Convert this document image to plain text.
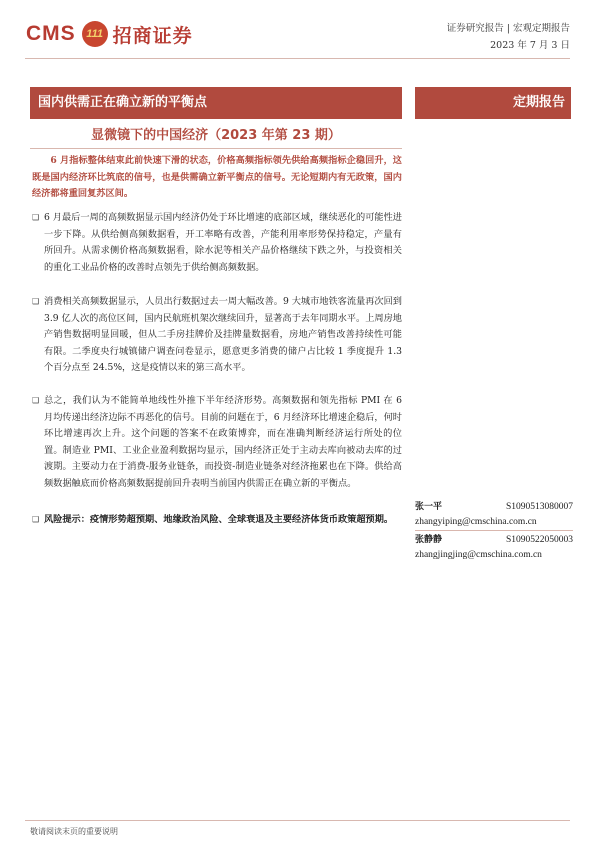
CMS 111 招商证券	证券研究报告 | 宏观定期报告
2023 年 7 月 3 日
国内供需正在确立新的平衡点	定期报告
显微镜下的中国经济（2023 年第 23 期）

6 月指标整体结束此前快速下滑的状态，价格高频指标领先供给高频指标企稳回升，这既是国内经济环比筑底的信号，也是供需确立新平衡点的信号。无论短期内有无政策，国内经济都将重回复苏区间。

❑ 6 月最后一周的高频数据显示国内经济仍处于环比增速的底部区域，继续恶化的可能性进一步下降。从供给侧高频数据看，开工率略有改善，产能利用率形势保持稳定，产量有所回升。从需求侧价格高频数据看，除水泥等相关产品价格继续下跌之外，与投资相关的重化工业品价格的改善时点领先于供给侧高频数据。

❑ 消费相关高频数据显示，人员出行数据过去一周大幅改善。9 大城市地铁客流量再次回到 3.9 亿人次的高位区间，国内民航班机架次继续回升，显著高于去年同期水平。上周房地产销售数据明显回暖，但从二手房挂牌价及挂牌量数据看，房地产销售改善持续性可能有限。二季度央行城镇储户调查问卷显示，愿意更多消费的储户占比较 1 季度提升 1.3 个百分点至 24.5%，这是疫情以来的第三高水平。

❑ 总之，我们认为不能简单地线性外推下半年经济形势。高频数据和领先指标 PMI 在 6 月均传递出经济边际不再恶化的信号。目前的问题在于，6 月经济环比增速企稳后，何时环比增速再次上升。这个问题的答案不在政策博弈，而在准确判断经济运行所处的位置。制造业 PMI、工业企业盈利数据均显示，国内经济正处于主动去库向被动去库的过渡期。主要动力在于消费-服务业链条，而投资-制造业链条对经济拖累也在下降。供给高频数据触底而价格高频数据提前回升表明当前国内供需正在确立新的平衡点。

❑ 风险提示：疫情形势超预期、地缘政治风险、全球衰退及主要经济体货币政策超预期。

张一平	S1090513080007
zhangyiping@cmschina.com.cn
张静静	S1090522050003
zhangjingjing@cmschina.com.cn
敬请阅读末页的重要说明
